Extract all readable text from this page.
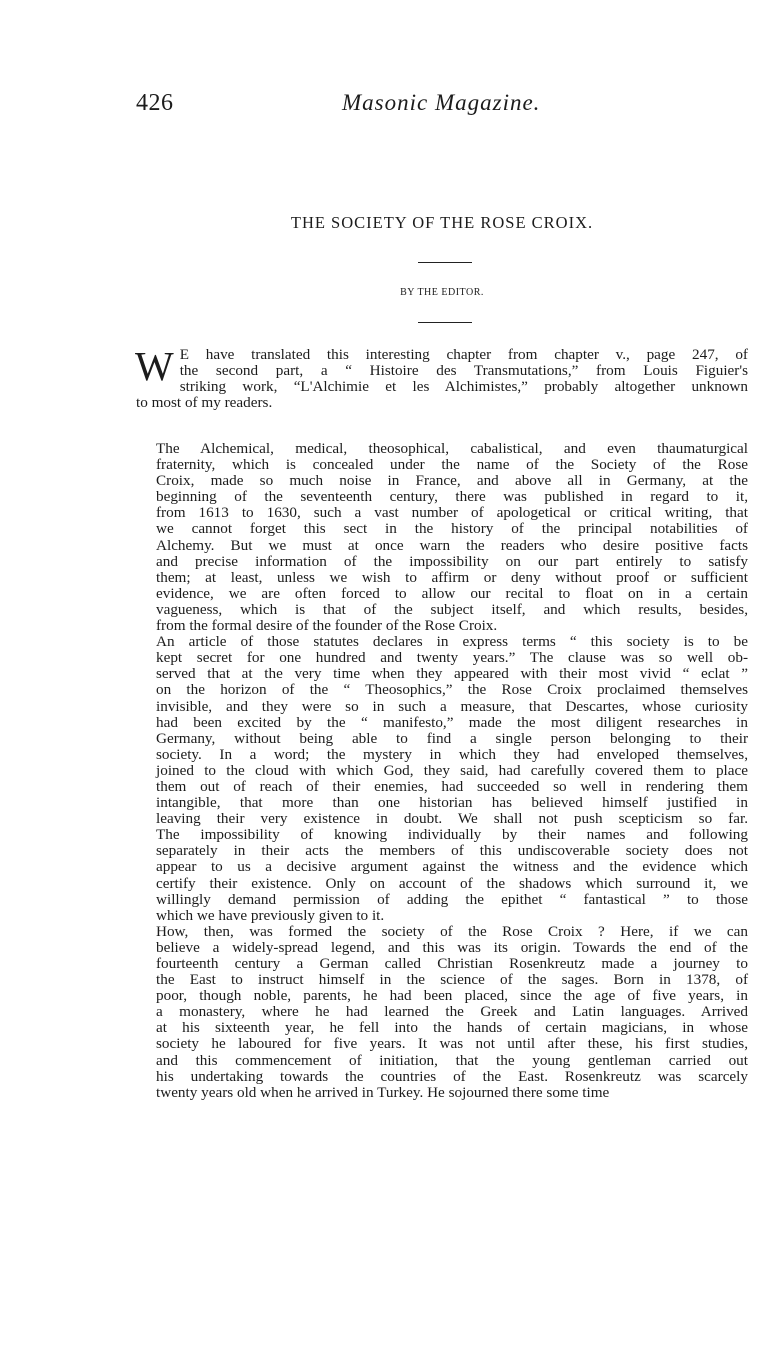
426	Masonic Magazine.
THE SOCIETY OF THE ROSE CROIX.
BY THE EDITOR.

W E have translated this interesting chapter from chapter v., page 247, of
the second part, a “ Histoire des Transmutations,” from Louis Figuier's
striking work, “L'Alchimie et les Alchimistes,” probably altogether unknown
to most of my readers.

The Alchemical, medical, theosophical, cabalistical, and even thaumaturgical
fraternity, which is concealed under the name of the Society of the Rose
Croix, made so much noise in France, and above all in Germany, at the
beginning of the seventeenth century, there was published in regard to it,
from 1613 to 1630, such a vast number of apologetical or critical writing, that
we cannot forget this sect in the history of the principal notabilities of
Alchemy. But we must at once warn the readers who desire positive facts
and precise information of the impossibility on our part entirely to satisfy
them; at least, unless we wish to affirm or deny without proof or sufficient
evidence, we are often forced to allow our recital to float on in a certain
vagueness, which is that of the subject itself, and which results, besides,
from the formal desire of the founder of the Rose Croix.

An article of those statutes declares in express terms “ this society is to be
kept secret for one hundred and twenty years.” The clause was so well ob-
served that at the very time when they appeared with their most vivid “ eclat ”
on the horizon of the “ Theosophics,” the Rose Croix proclaimed themselves
invisible, and they were so in such a measure, that Descartes, whose curiosity
had been excited by the “ manifesto,” made the most diligent researches in
Germany, without being able to find a single person belonging to their
society. In a word; the mystery in which they had enveloped themselves,
joined to the cloud with which God, they said, had carefully covered them to place
them out of reach of their enemies, had succeeded so well in rendering them
intangible, that more than one historian has believed himself justified in
leaving their very existence in doubt. We shall not push scepticism so far.
The impossibility of knowing individually by their names and following
separately in their acts the members of this undiscoverable society does not
appear to us a decisive argument against the witness and the evidence which
certify their existence. Only on account of the shadows which surround it, we
willingly demand permission of adding the epithet “ fantastical ” to those
which we have previously given to it.

How, then, was formed the society of the Rose Croix ? Here, if we can
believe a widely-spread legend, and this was its origin. Towards the end of the
fourteenth century a German called Christian Rosenkreutz made a journey to
the East to instruct himself in the science of the sages. Born in 1378, of
poor, though noble, parents, he had been placed, since the age of five years, in
a monastery, where he had learned the Greek and Latin languages. Arrived
at his sixteenth year, he fell into the hands of certain magicians, in whose
society he laboured for five years. It was not until after these, his first studies,
and this commencement of initiation, that the young gentleman carried out
his undertaking towards the countries of the East. Rosenkreutz was scarcely
twenty years old when he arrived in Turkey. He sojourned there some time
